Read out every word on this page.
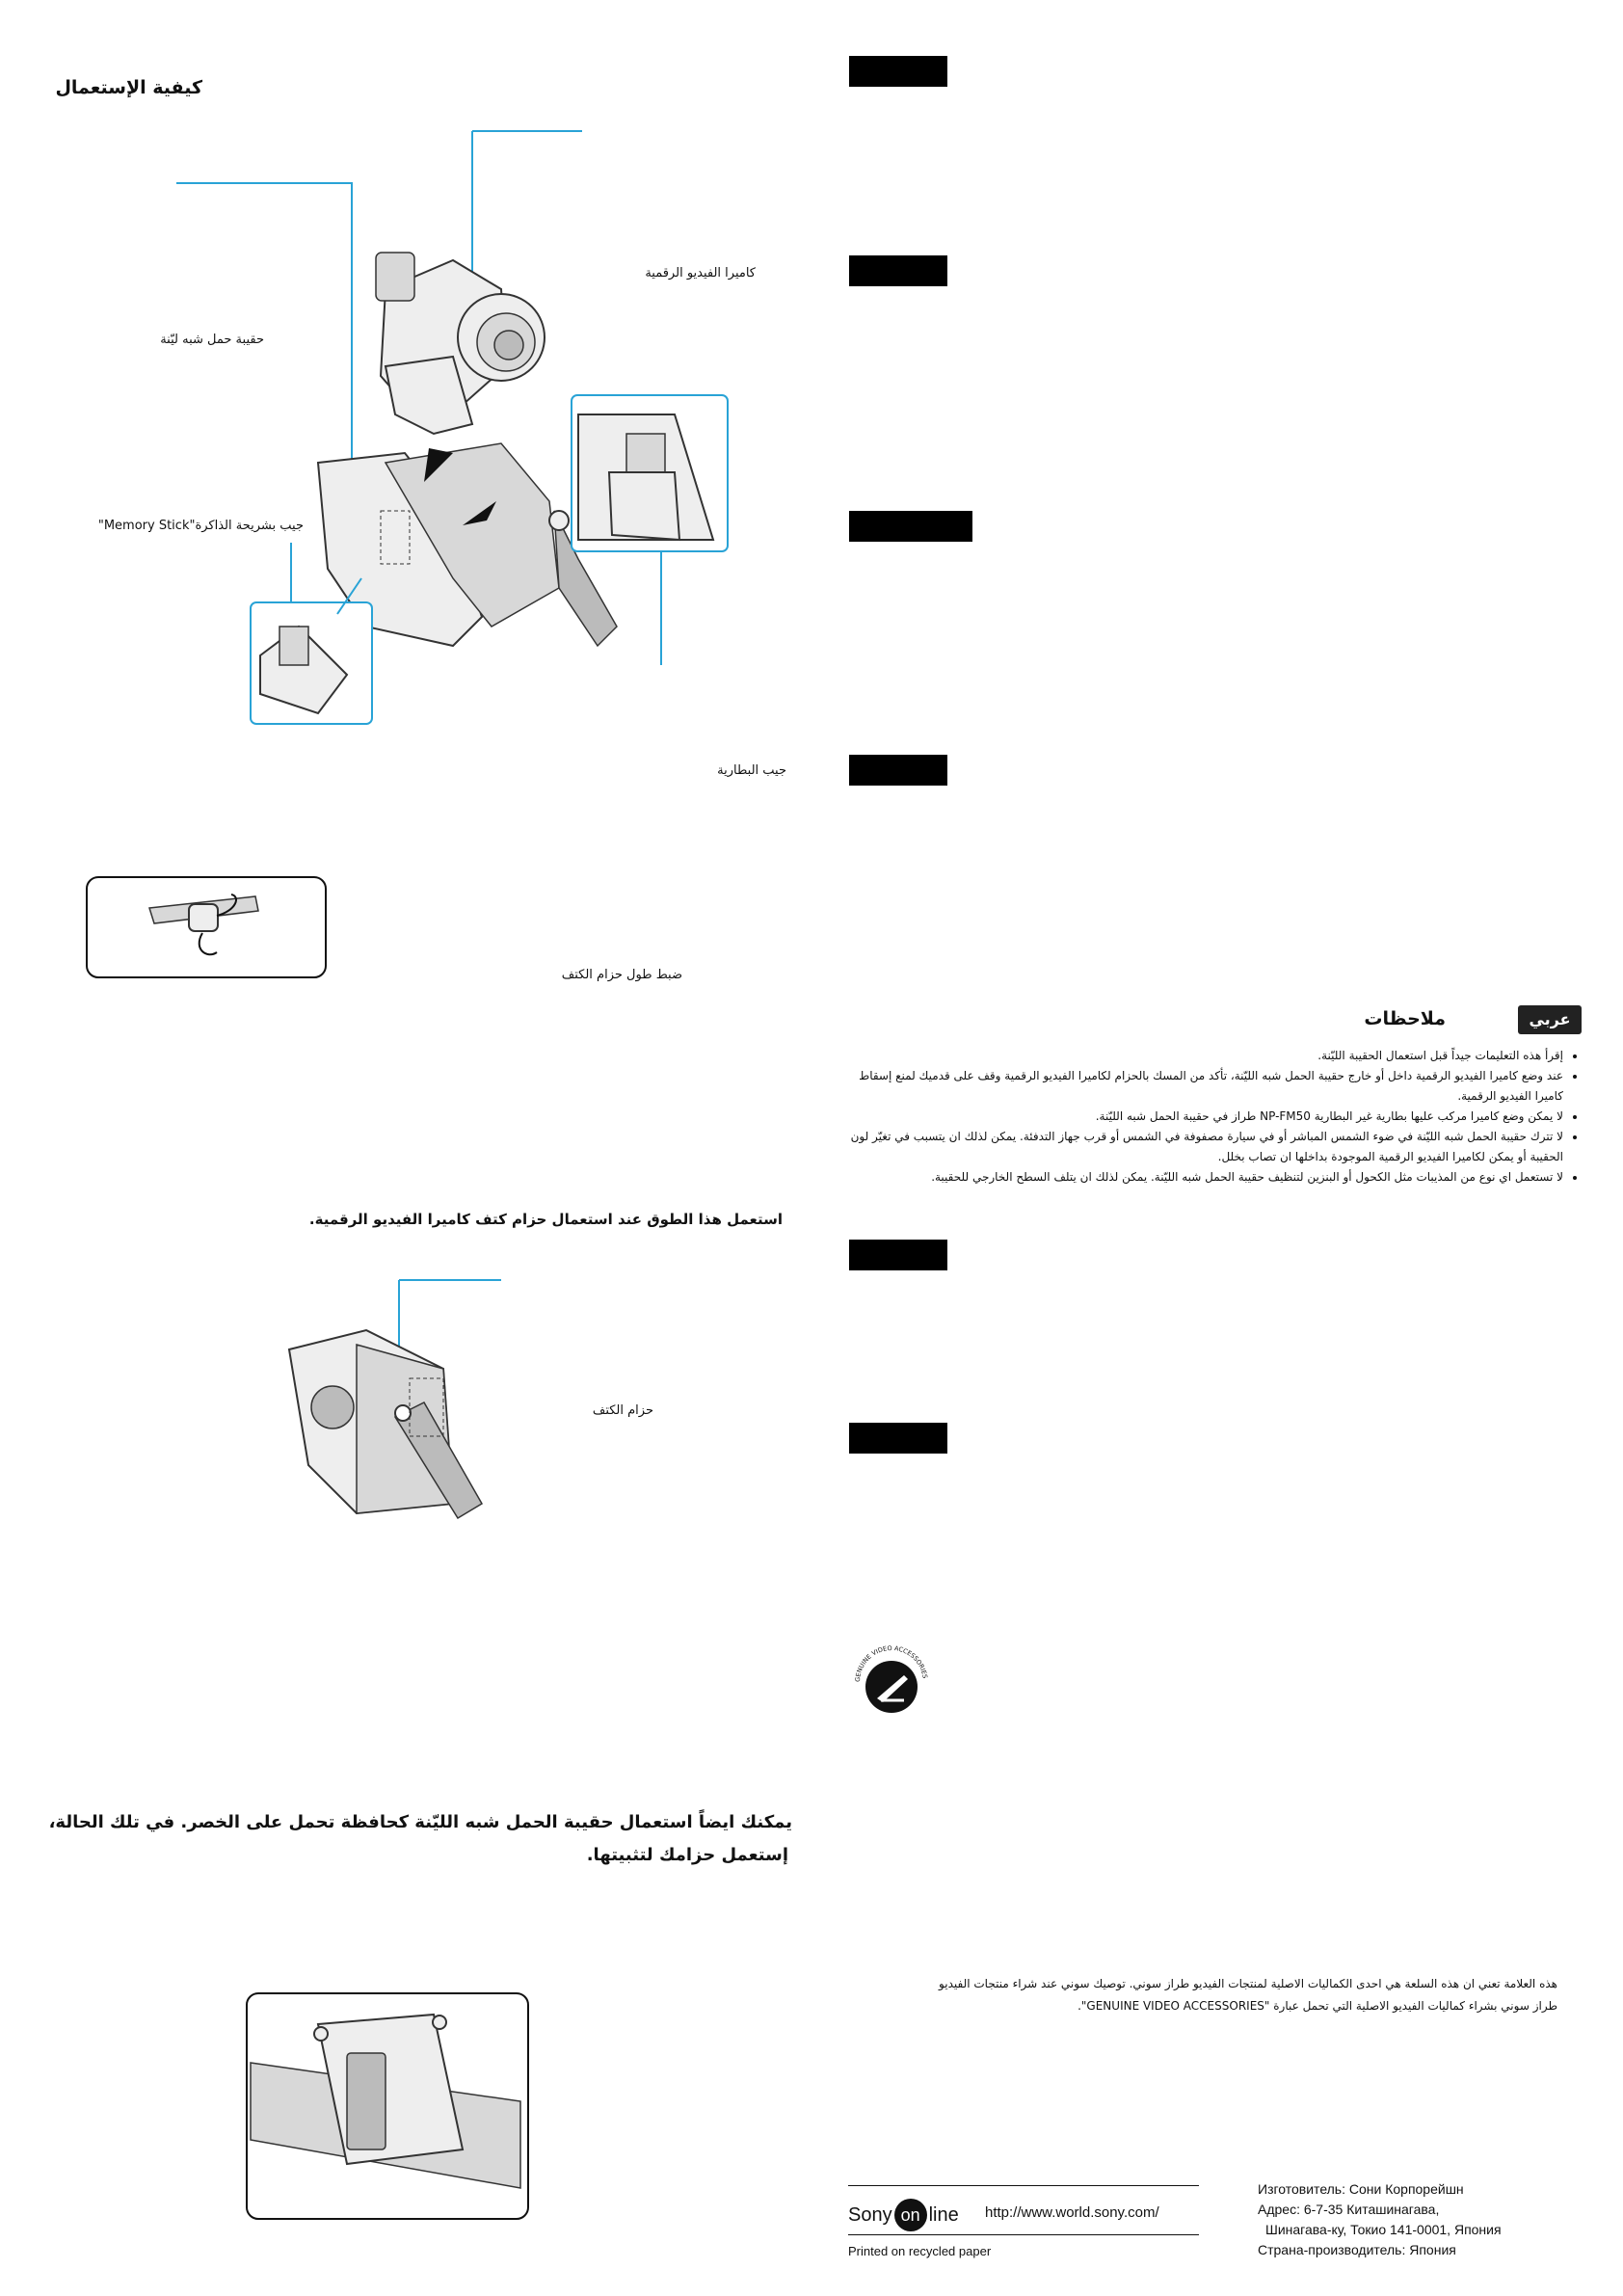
كيفية الإستعمال
كاميرا الفيديو الرقمية
حقيبة حمل شبه ليّنة
جيب بشريحة الذاكرة"Memory Stick"
جيب البطارية
ضبط طول حزام الكتف
استعمل هذا الطوق عند استعمال حزام كتف كاميرا الفيديو الرقمية.
حزام الكتف
يمكنك ايضاً استعمال حقيبة الحمل شبه الليّنة كحافظة تحمل على الخصر. في تلك الحالة،
إستعمل حزامك لتثبيتها.
عربي
ملاحظات
• إقرأ هذه التعليمات جيداً قبل استعمال الحقيبة الليّنة.
• عند وضع كاميرا الفيديو الرقمية داخل أو خارج حقيبة الحمل شبه الليّنة، تأكد من المسك بالحزام لكاميرا الفيديو الرقمية وقف على قدميك لمنع إسقاط كاميرا الفيديو الرقمية.
• لا يمكن وضع كاميرا مركب عليها بطارية غير البطارية NP-FM50 طراز في حقيبة الحمل شبه الليّنة.
• لا تترك حقيبة الحمل شبه الليّنة في ضوء الشمس المباشر أو في سيارة مصفوفة في الشمس أو قرب جهاز التدفئة. يمكن لذلك ان يتسبب في تغيّر لون الحقيبة أو يمكن لكاميرا الفيديو الرقمية الموجودة بداخلها ان تصاب بخلل.
• لا تستعمل اي نوع من المذيبات مثل الكحول أو البنزين لتنظيف حقيبة الحمل شبه الليّنة. يمكن لذلك ان يتلف السطح الخارجي للحقيبة.
GENUINE VIDEO ACCESSORIES
هذه العلامة تعني ان هذه السلعة هي احدى الكماليات الاصلية لمنتجات الفيديو طراز سوني. توصيك سوني عند شراء منتجات الفيديو
طراز سوني بشراء كماليات الفيديو الاصلية التي تحمل عبارة "GENUINE VIDEO ACCESSORIES".
Sony on line http://www.world.sony.com/
Printed on recycled paper
Изготовитель: Сони Корпорейшн
Адрес: 6-7-35 Киташинагава,
Шинагава-ку, Токио 141-0001, Япония
Страна-производитель: Япония
